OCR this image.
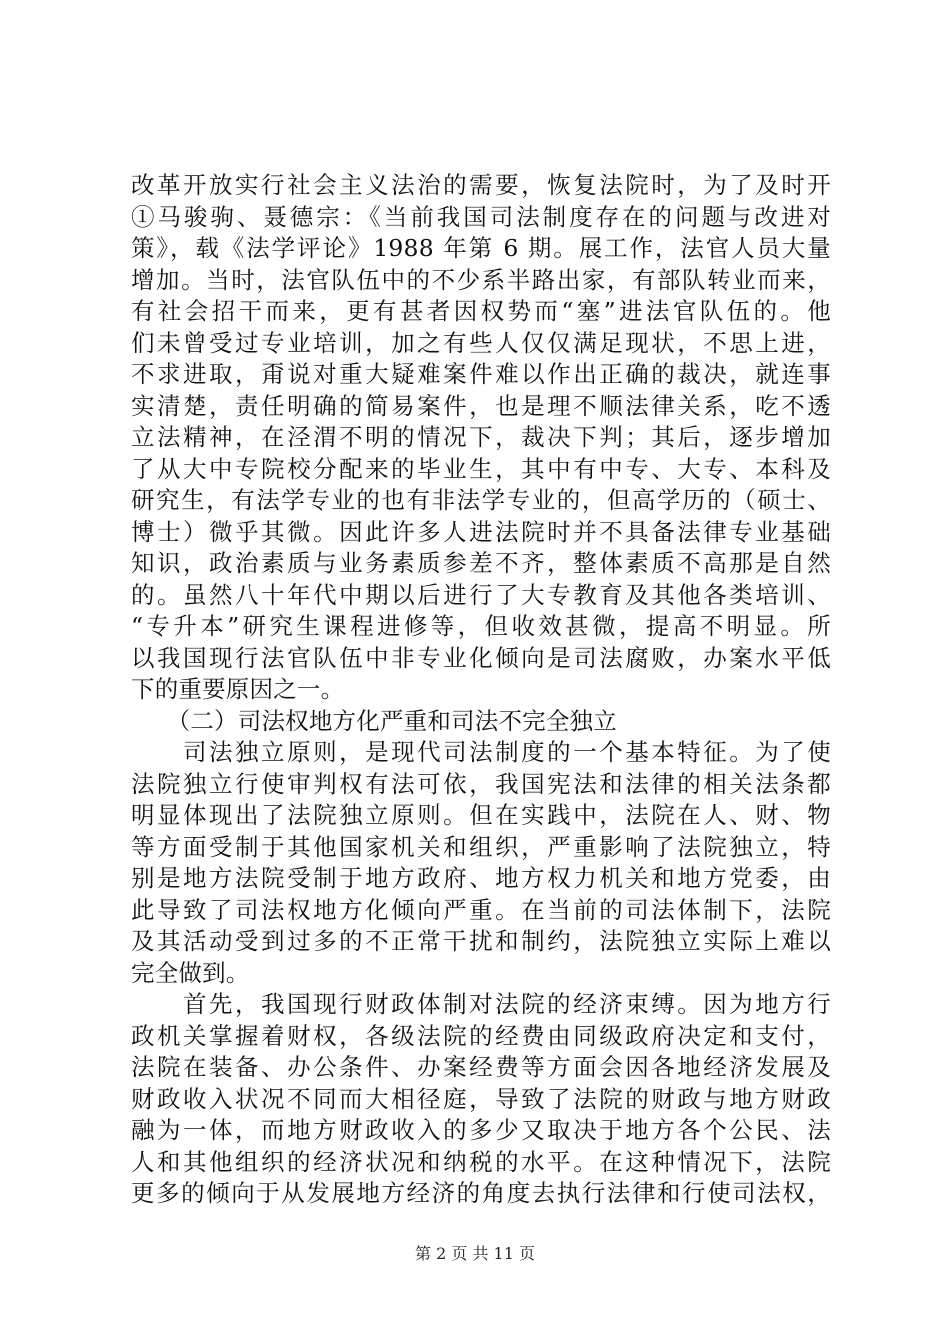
改革开放实行社会主义法治的需要，恢复法院时，为了及时开
①马骏驹、聂德宗：《当前我国司法制度存在的问题与改进对
策》，载《法学评论》1988 年第 6 期。展工作，法官人员大量
增加。当时，法官队伍中的不少系半路出家，有部队转业而来，
有社会招干而来，更有甚者因权势而“塞”进法官队伍的。他
们未曾受过专业培训，加之有些人仅仅满足现状，不思上进，
不求进取，甭说对重大疑难案件难以作出正确的裁决，就连事
实清楚，责任明确的简易案件，也是理不顺法律关系，吃不透
立法精神，在泾渭不明的情况下，裁决下判；其后，逐步增加
了从大中专院校分配来的毕业生，其中有中专、大专、本科及
研究生，有法学专业的也有非法学专业的，但高学历的（硕士、
博士）微乎其微。因此许多人进法院时并不具备法律专业基础
知识，政治素质与业务素质参差不齐，整体素质不高那是自然
的。虽然八十年代中期以后进行了大专教育及其他各类培训、
“专升本”研究生课程进修等，但收效甚微，提高不明显。所
以我国现行法官队伍中非专业化倾向是司法腐败，办案水平低
下的重要原因之一。
　　（二）司法权地方化严重和司法不完全独立
　　司法独立原则，是现代司法制度的一个基本特征。为了使
法院独立行使审判权有法可依，我国宪法和法律的相关法条都
明显体现出了法院独立原则。但在实践中，法院在人、财、物
等方面受制于其他国家机关和组织，严重影响了法院独立，特
别是地方法院受制于地方政府、地方权力机关和地方党委，由
此导致了司法权地方化倾向严重。在当前的司法体制下，法院
及其活动受到过多的不正常干扰和制约，法院独立实际上难以
完全做到。
　　首先，我国现行财政体制对法院的经济束缚。因为地方行
政机关掌握着财权，各级法院的经费由同级政府决定和支付，
法院在装备、办公条件、办案经费等方面会因各地经济发展及
财政收入状况不同而大相径庭，导致了法院的财政与地方财政
融为一体，而地方财政收入的多少又取决于地方各个公民、法
人和其他组织的经济状况和纳税的水平。在这种情况下，法院
更多的倾向于从发展地方经济的角度去执行法律和行使司法权，
第 2 页 共 11 页
